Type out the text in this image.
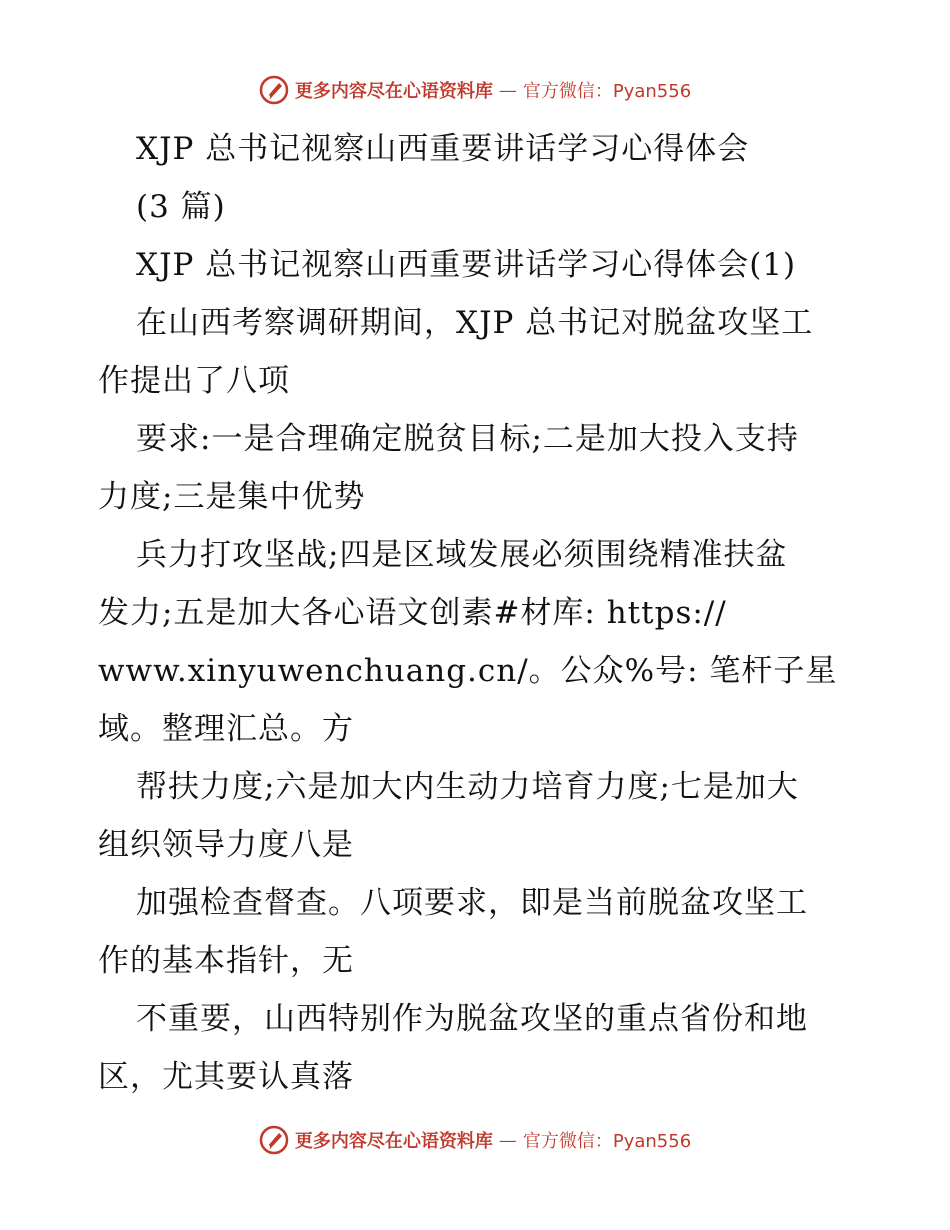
更多内容尽在心语资料库 — 官方微信：Pyan556
XJP 总书记视察山西重要讲话学习心得体会
(3 篇)
XJP 总书记视察山西重要讲话学习心得体会(1)
在山西考察调研期间，XJP 总书记对脱盆攻坚工
作提出了八项
要求:一是合理确定脱贫目标;二是加大投入支持
力度;三是集中优势
兵力打攻坚战;四是区域发展必须围绕精准扶盆
发力;五是加大各心语文创素#材库: https://
www.xinyuwenchuang.cn/。公众%号: 笔杆子星
域。整理汇总。方
帮扶力度;六是加大内生动力培育力度;七是加大
组织领导力度八是
加强检查督查。八项要求，即是当前脱盆攻坚工
作的基本指针，无
不重要，山西特别作为脱盆攻坚的重点省份和地
区，尤其要认真落
更多内容尽在心语资料库 — 官方微信：Pyan556
